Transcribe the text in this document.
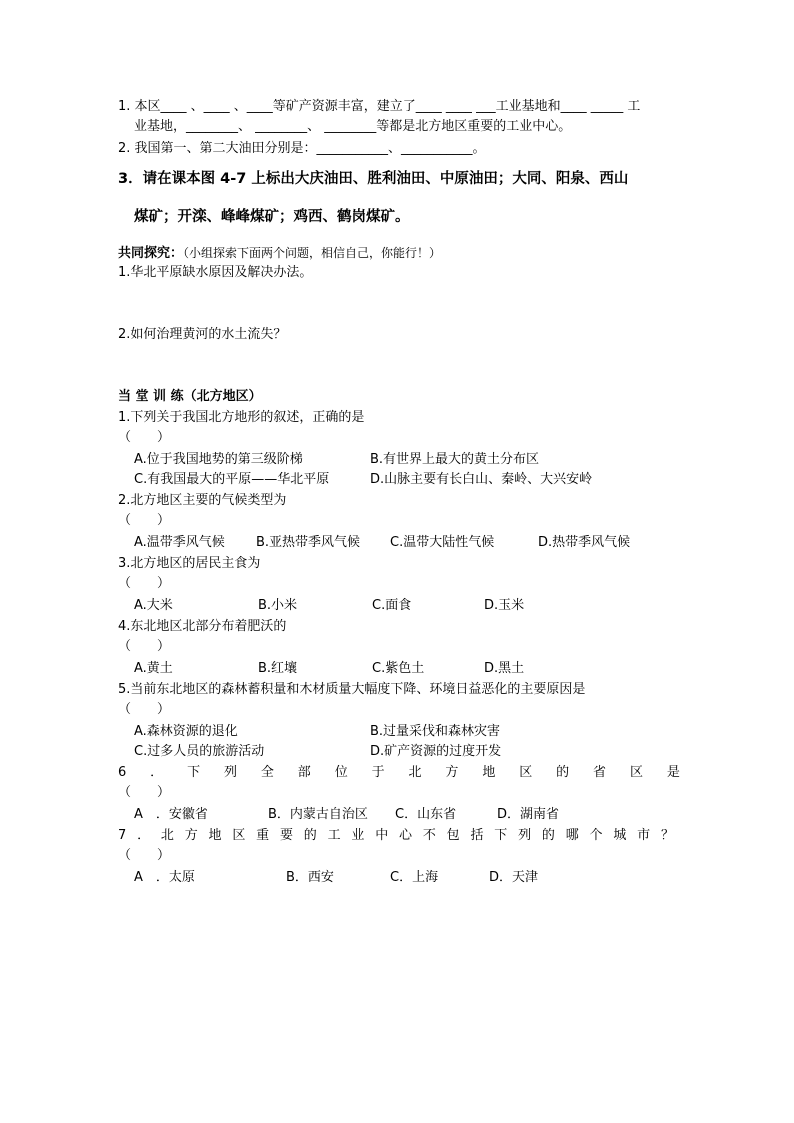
1. 本区____ 、____ 、____等矿产资源丰富，建立了____ ____ ___工业基地和____ _____ 工
业基地，________、 ________、 ________等都是北方地区重要的工业中心。
2. 我国第一、第二大油田分别是：___________、___________。
3．请在课本图 4-7 上标出大庆油田、胜利油田、中原油田；大同、阳泉、西山
煤矿；开滦、峰峰煤矿；鸡西、鹤岗煤矿。
共同探究：（小组探索下面两个问题，相信自己，你能行！）
1.华北平原缺水原因及解决办法。
2.如何治理黄河的水土流失？
当 堂 训 练（北方地区）
1.下列关于我国北方地形的叙述，正确的是
（　　）
A.位于我国地势的第三级阶梯	B.有世界上最大的黄土分布区
C.有我国最大的平原——华北平原	D.山脉主要有长白山、秦岭、大兴安岭
2.北方地区主要的气候类型为
（　　）
A.温带季风气候 B.亚热带季风气候 C.温带大陆性气候	D.热带季风气候
3.北方地区的居民主食为
（　　）
A.大米	B.小米	C.面食	D.玉米
4.东北地区北部分布着肥沃的
（　　）
A.黄土	B.红壤	C.紫色土	D.黑土
5.当前东北地区的森林蓄积量和木材质量大幅度下降、环境日益恶化的主要原因是
（　　）
A.森林资源的退化	B.过量采伐和森林灾害
C.过多人员的旅游活动	D.矿产资源的过度开发
6 ． 下 列 全 部 位 于 北 方 地 区 的 省 区 是
（　　）
A　．安徽省	B．内蒙古自治区 C．山东省	D．湖南省
7 ． 北 方 地 区 重 要 的 工 业 中 心 不 包 括 下 列 的 哪 个 城 市 ？
（　　）
A　．太原	B．西安	C．上海	D．天津
